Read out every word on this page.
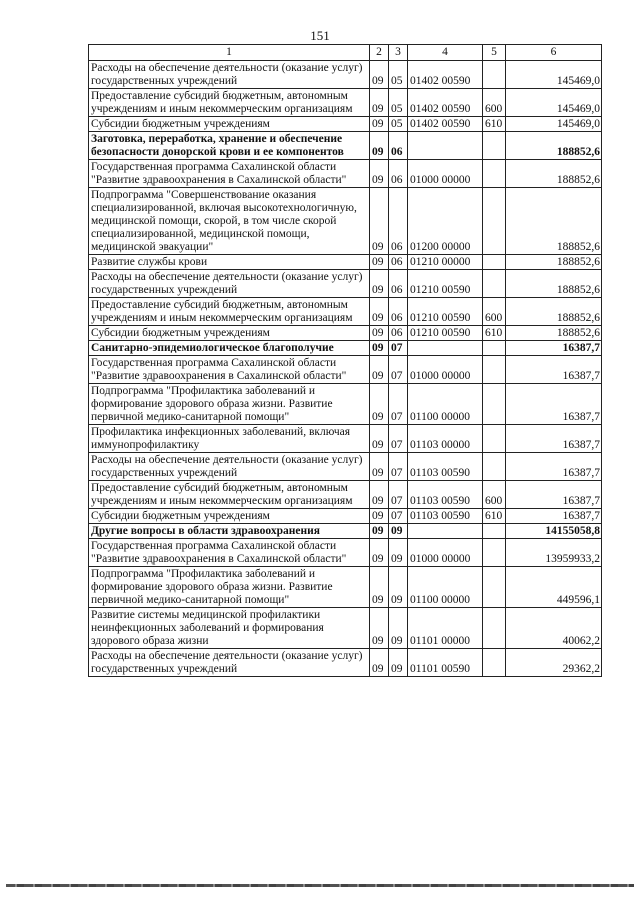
151
1	2	3	4	5	6
Расходы на обеспечение деятельности (оказание услуг) государственных учреждений	09	05	01402 00590		145469,0
Предоставление субсидий бюджетным, автономным учреждениям и иным некоммерческим организациям	09	05	01402 00590	600	145469,0
Субсидии бюджетным учреждениям	09	05	01402 00590	610	145469,0
Заготовка, переработка, хранение и обеспечение безопасности донорской крови и ее компонентов	09	06			188852,6
Государственная программа Сахалинской области "Развитие здравоохранения в Сахалинской области"	09	06	01000 00000		188852,6
Подпрограмма "Совершенствование оказания специализированной, включая высокотехнологичную, медицинской помощи, скорой, в том числе скорой специализированной, медицинской помощи, медицинской эвакуации"	09	06	01200 00000		188852,6
Развитие службы крови	09	06	01210 00000		188852,6
Расходы на обеспечение деятельности (оказание услуг) государственных учреждений	09	06	01210 00590		188852,6
Предоставление субсидий бюджетным, автономным учреждениям и иным некоммерческим организациям	09	06	01210 00590	600	188852,6
Субсидии бюджетным учреждениям	09	06	01210 00590	610	188852,6
Санитарно-эпидемиологическое благополучие	09	07			16387,7
Государственная программа Сахалинской области "Развитие здравоохранения в Сахалинской области"	09	07	01000 00000		16387,7
Подпрограмма "Профилактика заболеваний и формирование здорового образа жизни. Развитие первичной медико-санитарной помощи"	09	07	01100 00000		16387,7
Профилактика инфекционных заболеваний, включая иммунопрофилактику	09	07	01103 00000		16387,7
Расходы на обеспечение деятельности (оказание услуг) государственных учреждений	09	07	01103 00590		16387,7
Предоставление субсидий бюджетным, автономным учреждениям и иным некоммерческим организациям	09	07	01103 00590	600	16387,7
Субсидии бюджетным учреждениям	09	07	01103 00590	610	16387,7
Другие вопросы в области здравоохранения	09	09			14155058,8
Государственная программа Сахалинской области "Развитие здравоохранения в Сахалинской области"	09	09	01000 00000		13959933,2
Подпрограмма "Профилактика заболеваний и формирование здорового образа жизни. Развитие первичной медико-санитарной помощи"	09	09	01100 00000		449596,1
Развитие системы медицинской профилактики неинфекционных заболеваний и формирования здорового образа жизни	09	09	01101 00000		40062,2
Расходы на обеспечение деятельности (оказание услуг) государственных учреждений	09	09	01101 00590		29362,2
